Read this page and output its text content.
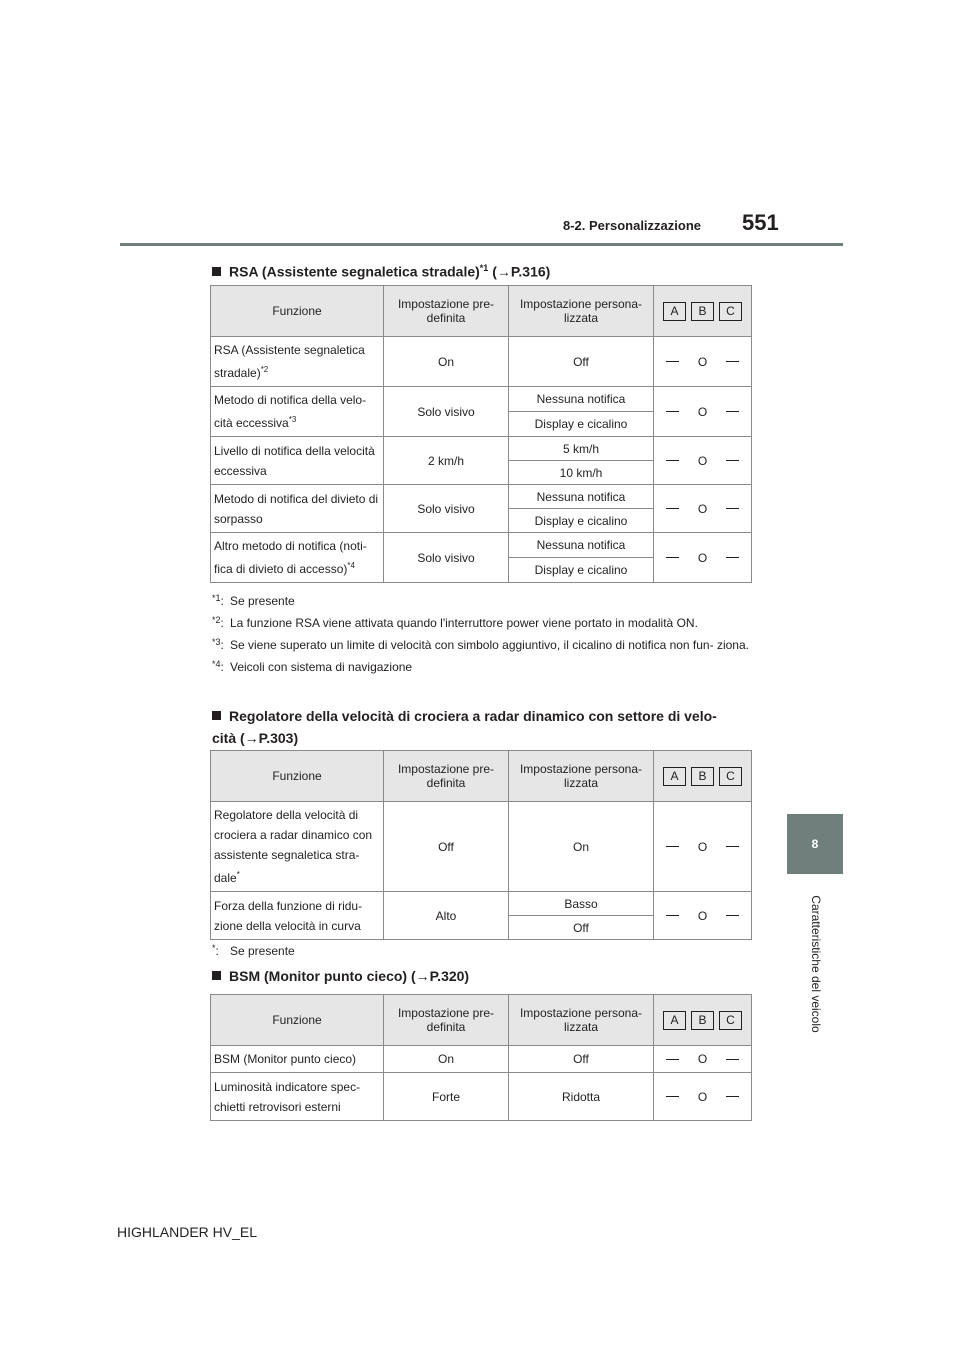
8-2. Personalizzazione 551
8
Caratteristiche del veicolo
RSA (Assistente segnaletica stradale)$^{*1}$ (→P.316)
Funzione	Impostazione pre- definita	Impostazione persona- lizzata	A B C

RSA (Assistente segnaletica stradale)$^{*2}$	On	Off	O

Metodo di notifica della velo- cità eccessiva$^{*3}$	Solo visivo	Nessuna notifica	O

		Display e cicalino	
Livello di notifica della velocità eccessiva	2 km/h	5 km/h	O

		10 km/h	
Metodo di notifica del divieto di sorpasso	Solo visivo	Nessuna notifica	O

		Display e cicalino	
Altro metodo di notifica (noti- fica di divieto di accesso)$^{*4}$	Solo visivo	Nessuna notifica	O

		Display e cicalino	
*1: Se presente
*2: La funzione RSA viene attivata quando l'interruttore power viene portato in modalità ON.
*3: Se viene superato un limite di velocità con simbolo aggiuntivo, il cicalino di notifica non fun- ziona.
*4: Veicoli con sistema di navigazione
Regolatore della velocità di crociera a radar dinamico con settore di velo- cità (→P.303)
Funzione	Impostazione pre- definita	Impostazione persona- lizzata	A B C

Regolatore della velocità di crociera a radar dinamico con assistente segnaletica stra- dale*	Off	On	O

Forza della funzione di ridu- zione della velocità in curva	Alto	Basso	O

		Off	
*: Se presente
BSM (Monitor punto cieco) (→P.320)
Funzione	Impostazione pre- definita	Impostazione persona- lizzata	A B C

BSM (Monitor punto cieco)	On	Off	O

Luminosità indicatore spec- chietti retrovisori esterni	Forte	Ridotta	O
HIGHLANDER HV_EL
